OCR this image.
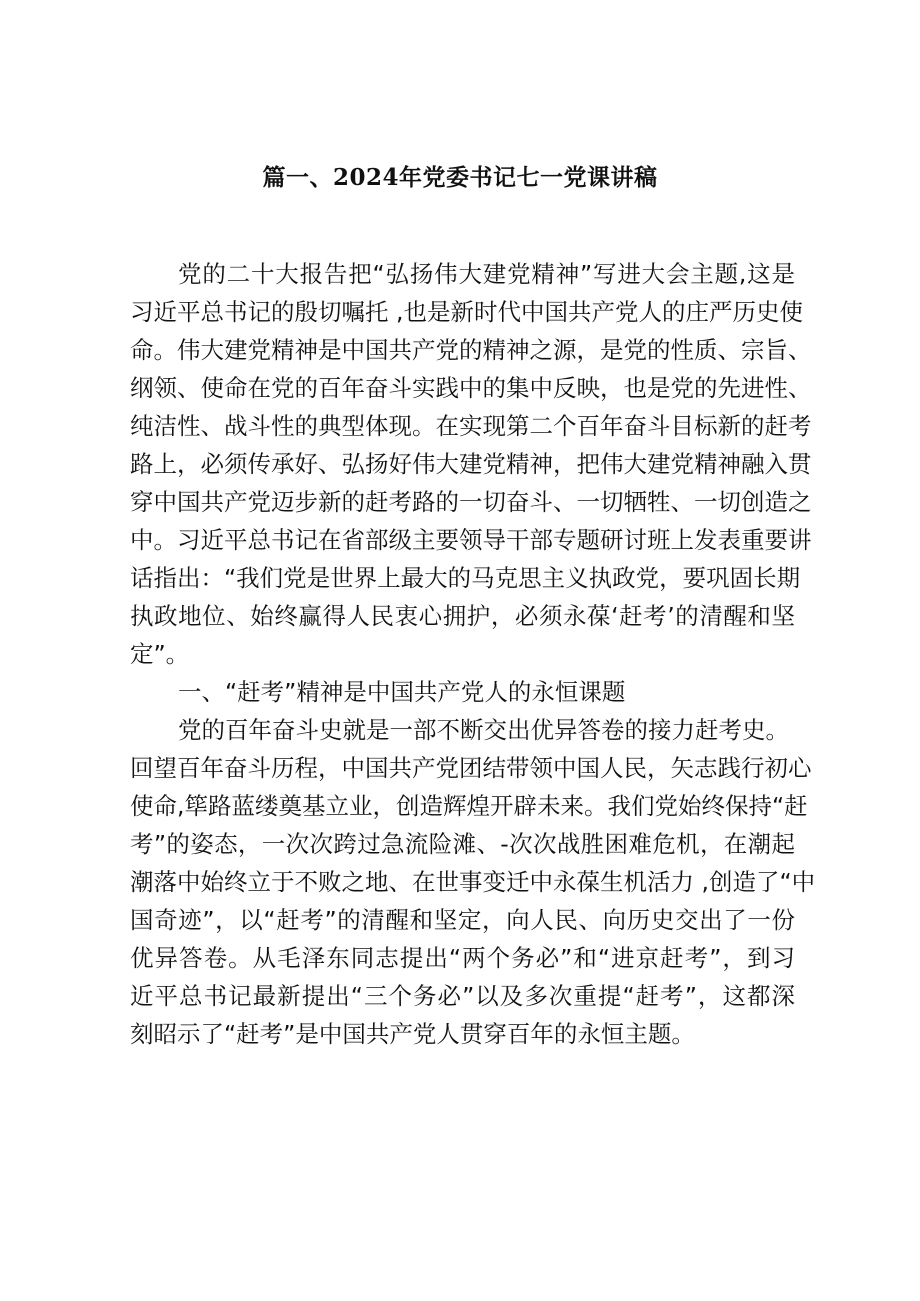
篇一、2024年党委书记七一党课讲稿
党的二十大报告把“弘扬伟大建党精神”写进大会主题,这是
习近平总书记的殷切嘱托 ,也是新时代中国共产党人的庄严历史使
命。伟大建党精神是中国共产党的精神之源，是党的性质、宗旨、
纲领、使命在党的百年奋斗实践中的集中反映，也是党的先进性、
纯洁性、战斗性的典型体现。在实现第二个百年奋斗目标新的赶考
路上，必须传承好、弘扬好伟大建党精神，把伟大建党精神融入贯
穿中国共产党迈步新的赶考路的一切奋斗、一切牺牲、一切创造之
中。习近平总书记在省部级主要领导干部专题研讨班上发表重要讲
话指出：“我们党是世界上最大的马克思主义执政党，要巩固长期
执政地位、始终赢得人民衷心拥护，必须永葆‘赶考’的清醒和坚
定”。
一、“赶考”精神是中国共产党人的永恒课题
党的百年奋斗史就是一部不断交出优异答卷的接力赶考史。
回望百年奋斗历程，中国共产党团结带领中国人民，矢志践行初心
使命,筚路蓝缕奠基立业，创造辉煌开辟未来。我们党始终保持“赶
考”的姿态，一次次跨过急流险滩、-次次战胜困难危机，在潮起
潮落中始终立于不败之地、在世事变迁中永葆生机活力 ,创造了“中
国奇迹”，以“赶考”的清醒和坚定，向人民、向历史交出了一份
优异答卷。从毛泽东同志提出“两个务必”和“进京赶考”，到习
近平总书记最新提出“三个务必”以及多次重提“赶考”，这都深
刻昭示了“赶考”是中国共产党人贯穿百年的永恒主题。
